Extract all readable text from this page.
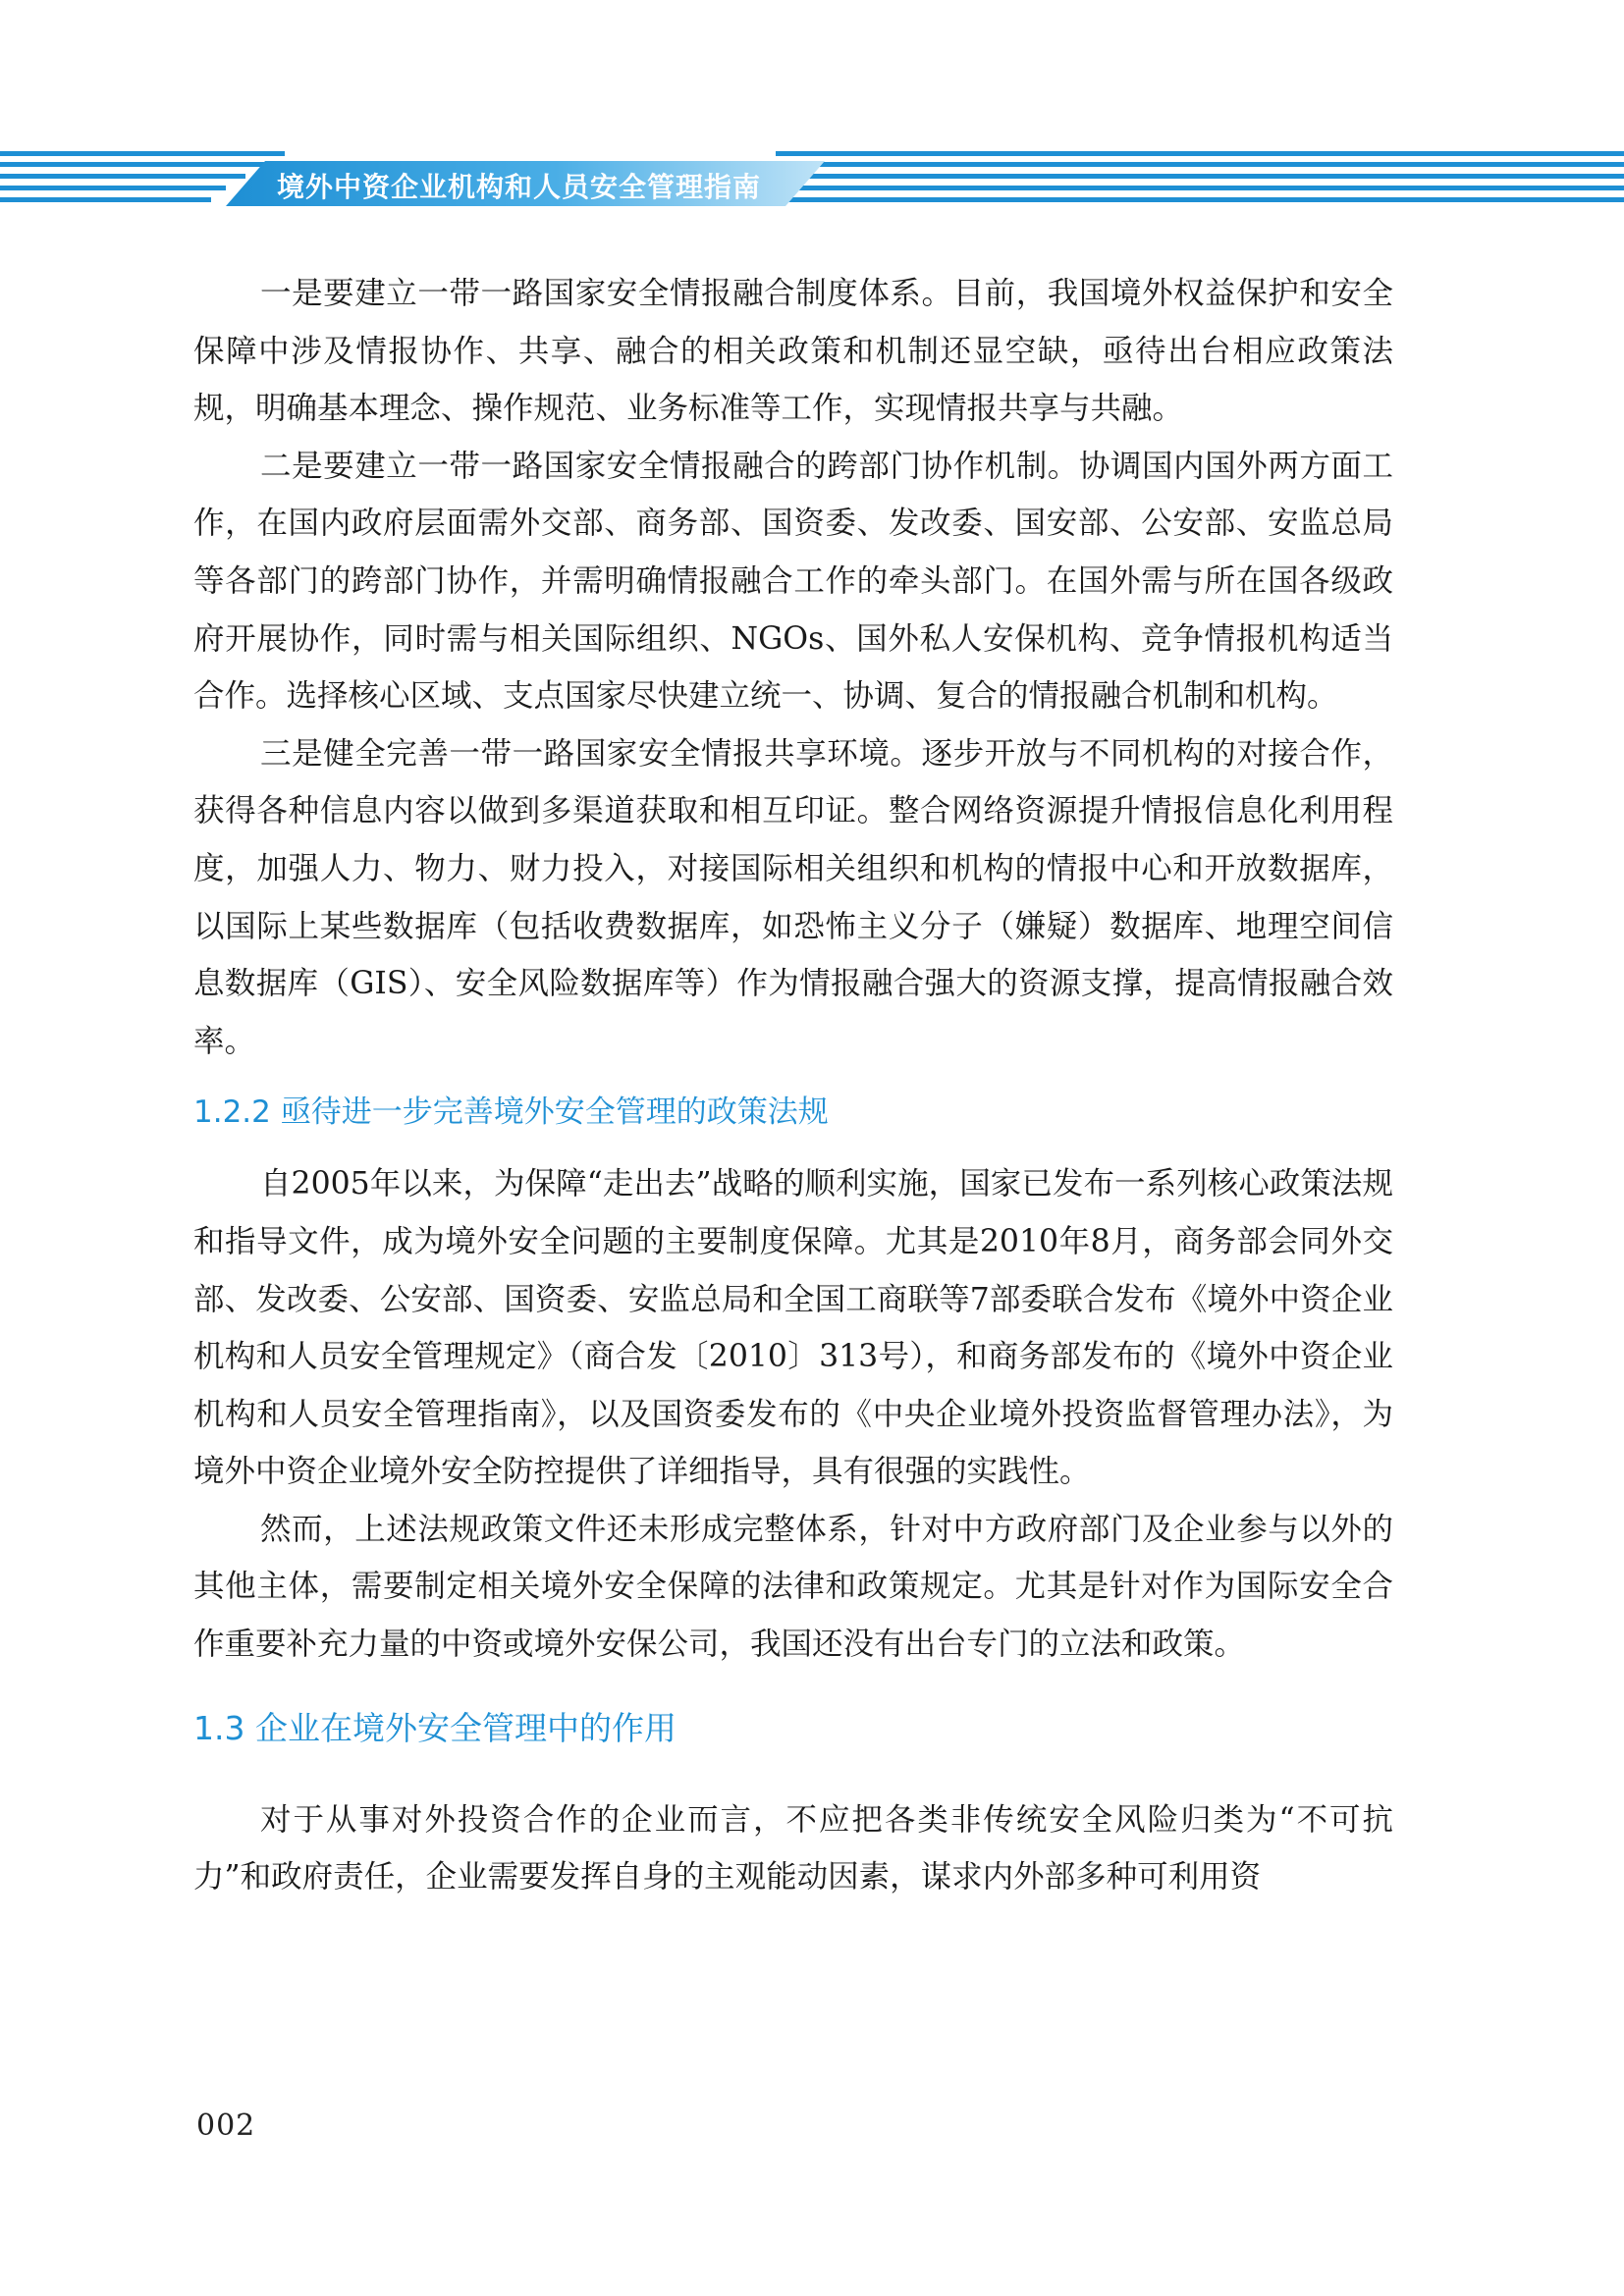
境外中资企业机构和人员安全管理指南

一是要建立一带一路国家安全情报融合制度体系。目前，我国境外权益保护和安全保障中涉及情报协作、共享、融合的相关政策和机制还显空缺，亟待出台相应政策法规，明确基本理念、操作规范、业务标准等工作，实现情报共享与共融。

二是要建立一带一路国家安全情报融合的跨部门协作机制。协调国内国外两方面工作，在国内政府层面需外交部、商务部、国资委、发改委、国安部、公安部、安监总局等各部门的跨部门协作，并需明确情报融合工作的牵头部门。在国外需与所在国各级政府开展协作，同时需与相关国际组织、NGOs、国外私人安保机构、竞争情报机构适当合作。选择核心区域、支点国家尽快建立统一、协调、复合的情报融合机制和机构。

三是健全完善一带一路国家安全情报共享环境。逐步开放与不同机构的对接合作，获得各种信息内容以做到多渠道获取和相互印证。整合网络资源提升情报信息化利用程度，加强人力、物力、财力投入，对接国际相关组织和机构的情报中心和开放数据库，以国际上某些数据库（包括收费数据库，如恐怖主义分子（嫌疑）数据库、地理空间信息数据库（GIS）、安全风险数据库等）作为情报融合强大的资源支撑，提高情报融合效率。

1.2.2 亟待进一步完善境外安全管理的政策法规

自2005年以来，为保障“走出去”战略的顺利实施，国家已发布一系列核心政策法规和指导文件，成为境外安全问题的主要制度保障。尤其是2010年8月，商务部会同外交部、发改委、公安部、国资委、安监总局和全国工商联等7部委联合发布《境外中资企业机构和人员安全管理规定》（商合发〔2010〕313号），和商务部发布的《境外中资企业机构和人员安全管理指南》，以及国资委发布的《中央企业境外投资监督管理办法》，为境外中资企业境外安全防控提供了详细指导，具有很强的实践性。

然而，上述法规政策文件还未形成完整体系，针对中方政府部门及企业参与以外的其他主体，需要制定相关境外安全保障的法律和政策规定。尤其是针对作为国际安全合作重要补充力量的中资或境外安保公司，我国还没有出台专门的立法和政策。

1.3 企业在境外安全管理中的作用

对于从事对外投资合作的企业而言，不应把各类非传统安全风险归类为“不可抗力”和政府责任，企业需要发挥自身的主观能动因素，谋求内外部多种可利用资

002
